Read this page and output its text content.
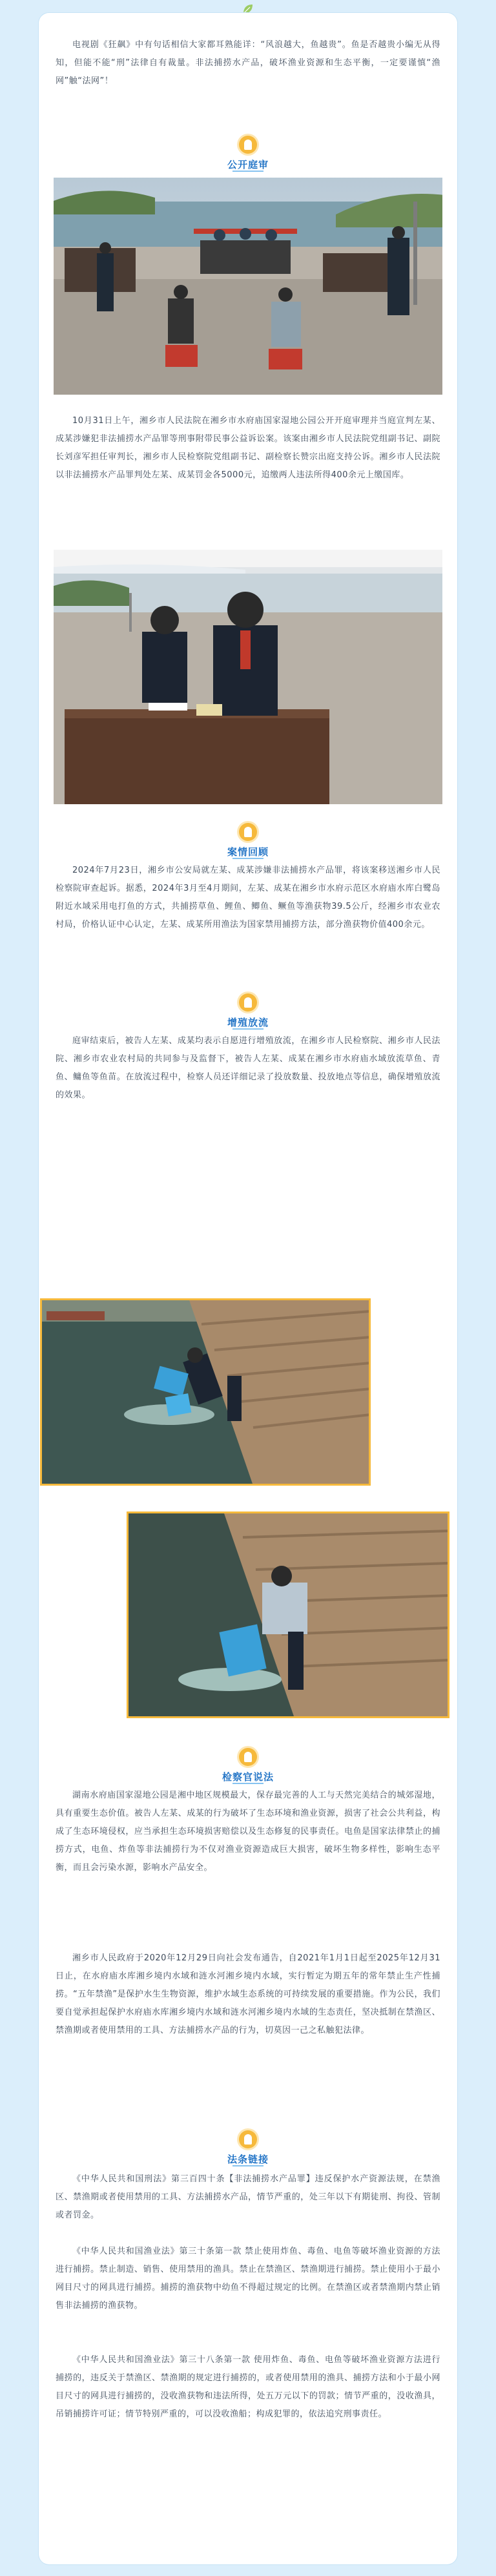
电视剧《狂飙》中有句话相信大家都耳熟能详：“风浪越大，鱼越贵”。鱼是否越贵小编无从得知，但能不能“刑”法律自有裁量。非法捕捞水产品，破坏渔业资源和生态平衡，一定要谨慎“渔网”触“法网”！

公开庭审

10月31日上午，湘乡市人民法院在湘乡市水府庙国家湿地公园公开开庭审理并当庭宣判左某、成某涉嫌犯非法捕捞水产品罪等刑事附带民事公益诉讼案。该案由湘乡市人民法院党组副书记、副院长刘彦军担任审判长，湘乡市人民检察院党组副书记、副检察长赞宗出庭支持公诉。湘乡市人民法院以非法捕捞水产品罪判处左某、成某罚金各5000元，追缴两人违法所得400余元上缴国库。

案情回顾

2024年7月23日，湘乡市公安局就左某、成某涉嫌非法捕捞水产品罪，将该案移送湘乡市人民检察院审查起诉。据悉，2024年3月至4月期间，左某、成某在湘乡市水府示范区水府庙水库白鹭岛附近水域采用电打鱼的方式，共捕捞草鱼、鲤鱼、鲫鱼、鳜鱼等渔获物39.5公斤，经湘乡市农业农村局，价格认证中心认定，左某、成某所用渔法为国家禁用捕捞方法，部分渔获物价值400余元。

增殖放流

庭审结束后，被告人左某、成某均表示自愿进行增殖放流，在湘乡市人民检察院、湘乡市人民法院、湘乡市农业农村局的共同参与及监督下，被告人左某、成某在湘乡市水府庙水域放流草鱼、青鱼、鳙鱼等鱼苗。在放流过程中，检察人员还详细记录了投放数量、投放地点等信息，确保增殖放流的效果。

检察官说法

湖南水府庙国家湿地公园是湘中地区规模最大，保存最完善的人工与天然完美结合的城郊湿地，具有重要生态价值。被告人左某、成某的行为破坏了生态环境和渔业资源，损害了社会公共利益，构成了生态环境侵权，应当承担生态环境损害赔偿以及生态修复的民事责任。电鱼是国家法律禁止的捕捞方式，电鱼、炸鱼等非法捕捞行为不仅对渔业资源造成巨大损害，破坏生物多样性，影响生态平衡，而且会污染水源，影响水产品安全。

湘乡市人民政府于2020年12月29日向社会发布通告，自2021年1月1日起至2025年12月31日止，在水府庙水库湘乡境内水域和涟水河湘乡境内水域，实行暂定为期五年的常年禁止生产性捕捞。“五年禁渔”是保护水生生物资源，维护水域生态系统的可持续发展的重要措施。作为公民，我们要自觉承担起保护水府庙水库湘乡境内水域和涟水河湘乡境内水域的生态责任，坚决抵制在禁渔区、禁渔期或者使用禁用的工具、方法捕捞水产品的行为，切莫因一己之私触犯法律。

法条链接

《中华人民共和国刑法》第三百四十条【非法捕捞水产品罪】违反保护水产资源法规，在禁渔区、禁渔期或者使用禁用的工具、方法捕捞水产品，情节严重的，处三年以下有期徒刑、拘役、管制或者罚金。

《中华人民共和国渔业法》第三十条第一款 禁止使用炸鱼、毒鱼、电鱼等破坏渔业资源的方法进行捕捞。禁止制造、销售、使用禁用的渔具。禁止在禁渔区、禁渔期进行捕捞。禁止使用小于最小网目尺寸的网具进行捕捞。捕捞的渔获物中幼鱼不得超过规定的比例。在禁渔区或者禁渔期内禁止销售非法捕捞的渔获物。

《中华人民共和国渔业法》第三十八条第一款 使用炸鱼、毒鱼、电鱼等破坏渔业资源方法进行捕捞的，违反关于禁渔区、禁渔期的规定进行捕捞的，或者使用禁用的渔具、捕捞方法和小于最小网目尺寸的网具进行捕捞的，没收渔获物和违法所得，处五万元以下的罚款；情节严重的，没收渔具，吊销捕捞许可证；情节特别严重的，可以没收渔船；构成犯罪的，依法追究刑事责任。
